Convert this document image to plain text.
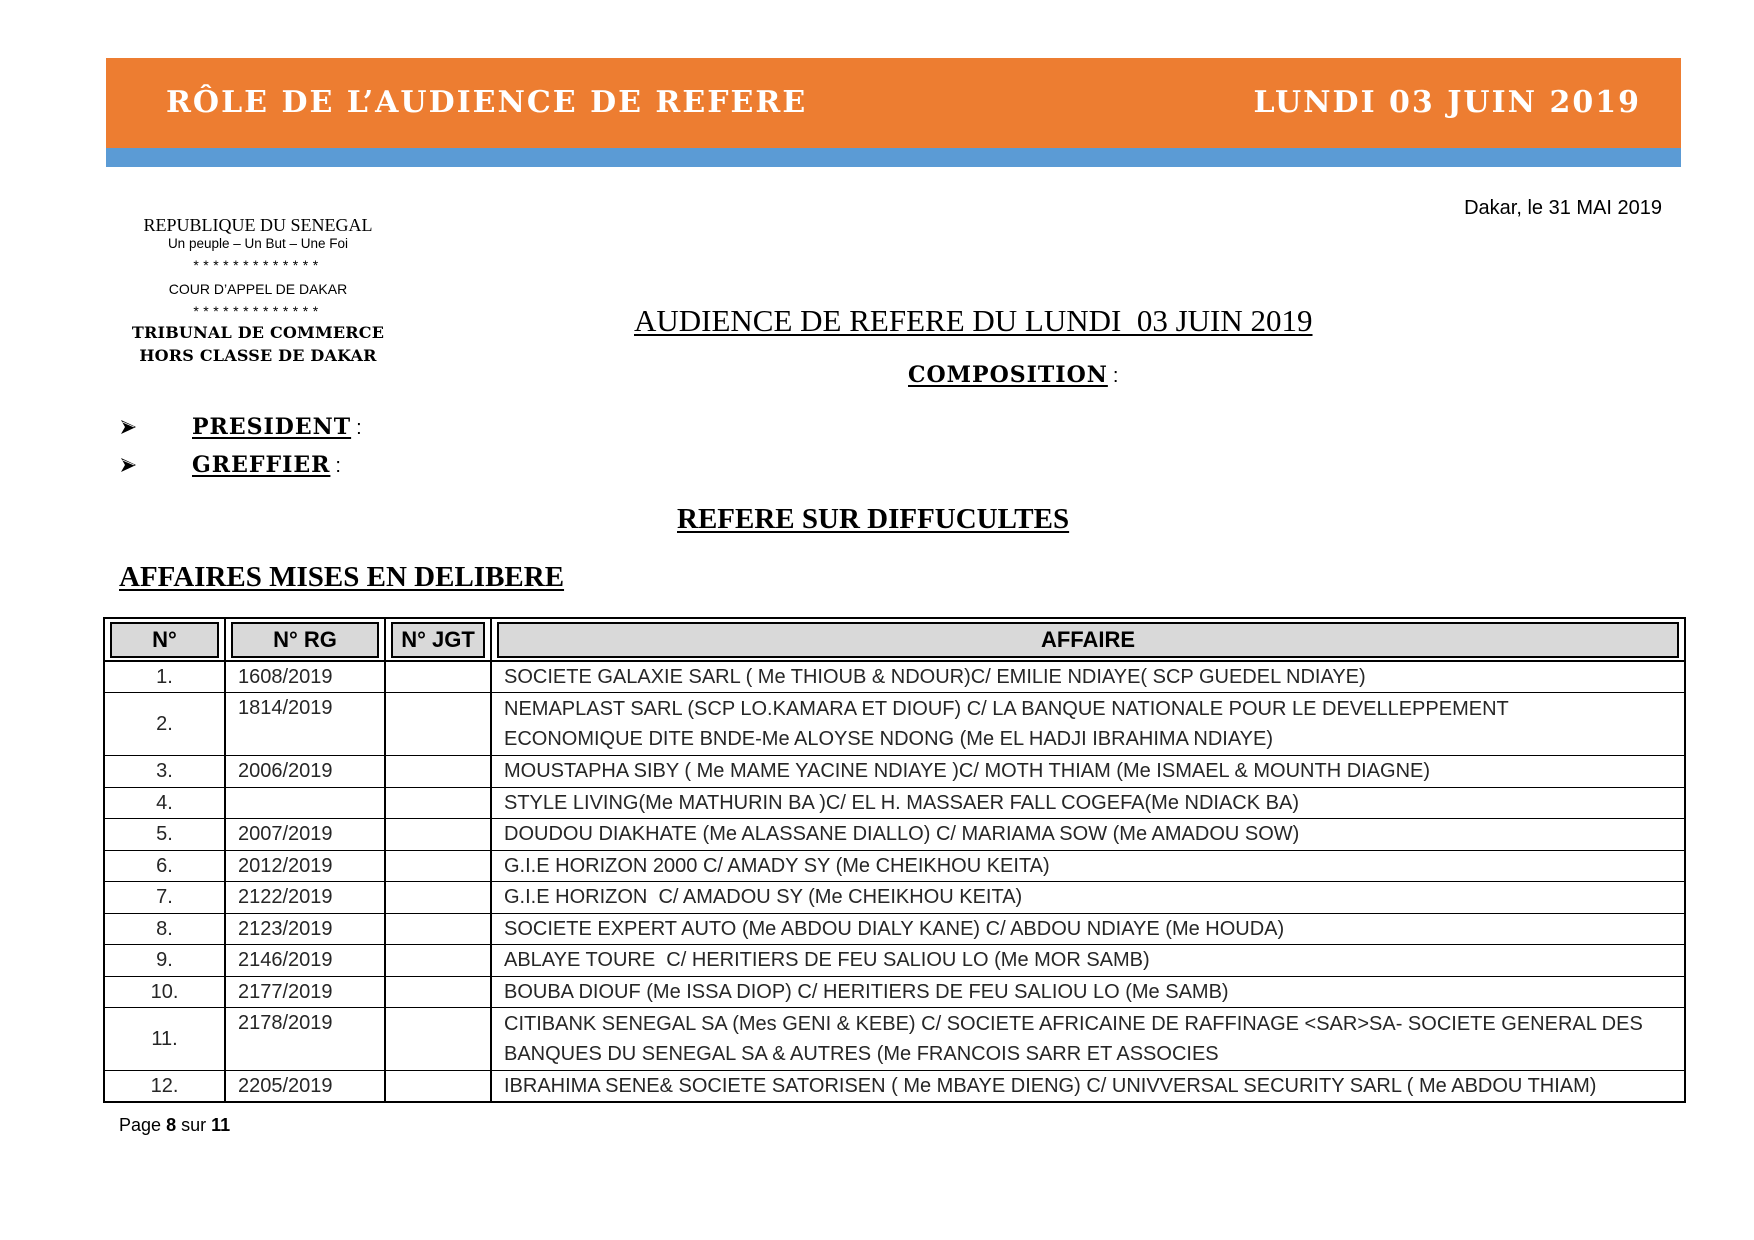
RÔLE DE L’AUDIENCE DE REFERE	LUNDI 03 JUIN 2019
Dakar, le 31 MAI 2019
REPUBLIQUE DU SENEGAL
Un peuple – Un But – Une Foi
*************
COUR D’APPEL DE DAKAR
*************
TRIBUNAL DE COMMERCE
HORS CLASSE DE DAKAR
AUDIENCE DE REFERE DU LUNDI  03 JUIN 2019
COMPOSITION :
PRESIDENT :
GREFFIER :
REFERE SUR DIFFUCULTES
AFFAIRES MISES EN DELIBERE
N°	N° RG	N° JGT	AFFAIRE

1.	1608/2019		SOCIETE GALAXIE SARL ( Me THIOUB & NDOUR)C/ EMILIE NDIAYE( SCP GUEDEL NDIAYE)

2.	1814/2019		NEMAPLAST SARL (SCP LO.KAMARA ET DIOUF) C/ LA BANQUE NATIONALE POUR LE DEVELLEPPEMENT
ECONOMIQUE DITE BNDE-Me ALOYSE NDONG (Me EL HADJI IBRAHIMA NDIAYE)

3.	2006/2019		MOUSTAPHA SIBY ( Me MAME YACINE NDIAYE )C/ MOTH THIAM (Me ISMAEL & MOUNTH DIAGNE)

4.			STYLE LIVING(Me MATHURIN BA )C/ EL H. MASSAER FALL COGEFA(Me NDIACK BA)

5.	2007/2019		DOUDOU DIAKHATE (Me ALASSANE DIALLO) C/ MARIAMA SOW (Me AMADOU SOW)

6.	2012/2019		G.I.E HORIZON 2000 C/ AMADY SY (Me CHEIKHOU KEITA)

7.	2122/2019		G.I.E HORIZON  C/ AMADOU SY (Me CHEIKHOU KEITA)

8.	2123/2019		SOCIETE EXPERT AUTO (Me ABDOU DIALY KANE) C/ ABDOU NDIAYE (Me HOUDA)

9.	2146/2019		ABLAYE TOURE  C/ HERITIERS DE FEU SALIOU LO (Me MOR SAMB)

10.	2177/2019		BOUBA DIOUF (Me ISSA DIOP) C/ HERITIERS DE FEU SALIOU LO (Me SAMB)

11.	2178/2019		CITIBANK SENEGAL SA (Mes GENI & KEBE) C/ SOCIETE AFRICAINE DE RAFFINAGE <SAR>SA- SOCIETE GENERAL DES
BANQUES DU SENEGAL SA & AUTRES (Me FRANCOIS SARR ET ASSOCIES

12.	2205/2019		IBRAHIMA SENE& SOCIETE SATORISEN ( Me MBAYE DIENG) C/ UNIVVERSAL SECURITY SARL ( Me ABDOU THIAM)
Page 8 sur 11
